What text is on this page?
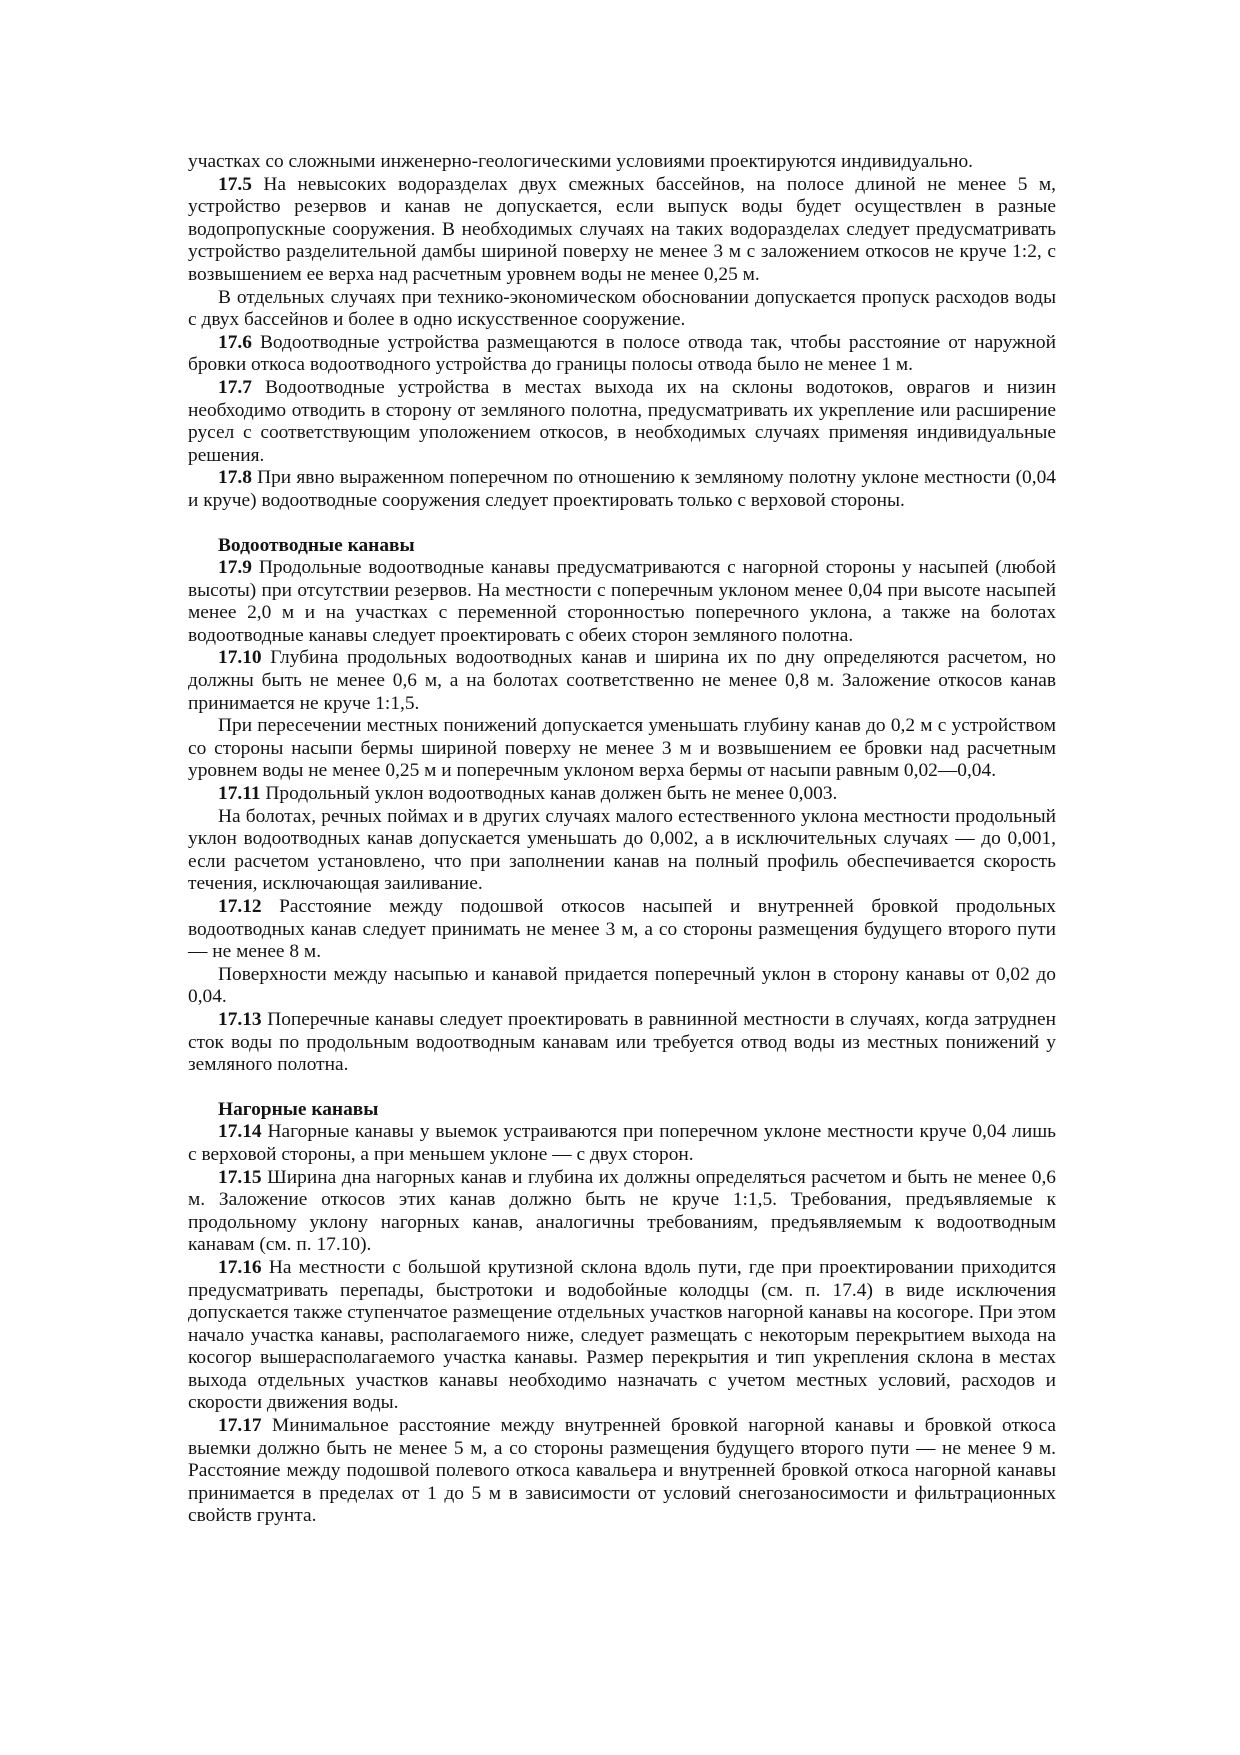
участках со сложными инженерно-геологическими условиями проектируются индивидуально.

17.5 На невысоких водоразделах двух смежных бассейнов, на полосе длиной не менее 5 м, устройство резервов и канав не допускается, если выпуск воды будет осуществлен в разные водопропускные сооружения. В необходимых случаях на таких водоразделах следует предусматривать устройство разделительной дамбы шириной поверху не менее 3 м с заложением откосов не круче 1:2, с возвышением ее верха над расчетным уровнем воды не менее 0,25 м.

В отдельных случаях при технико-экономическом обосновании допускается пропуск расходов воды с двух бассейнов и более в одно искусственное сооружение.

17.6 Водоотводные устройства размещаются в полосе отвода так, чтобы расстояние от наружной бровки откоса водоотводного устройства до границы полосы отвода было не менее 1 м.

17.7 Водоотводные устройства в местах выхода их на склоны водотоков, оврагов и низин необходимо отводить в сторону от земляного полотна, предусматривать их укрепление или расширение русел с соответствующим уположением откосов, в необходимых случаях применяя индивидуальные решения.

17.8 При явно выраженном поперечном по отношению к земляному полотну уклоне местности (0,04 и круче) водоотводные сооружения следует проектировать только с верховой стороны.

Водоотводные канавы

17.9 Продольные водоотводные канавы предусматриваются с нагорной стороны у насыпей (любой высоты) при отсутствии резервов. На местности с поперечным уклоном менее 0,04 при высоте насыпей менее 2,0 м и на участках с переменной сторонностью поперечного уклона, а также на болотах водоотводные канавы следует проектировать с обеих сторон земляного полотна.

17.10 Глубина продольных водоотводных канав и ширина их по дну определяются расчетом, но должны быть не менее 0,6 м, а на болотах соответственно не менее 0,8 м. Заложение откосов канав принимается не круче 1:1,5.

При пересечении местных понижений допускается уменьшать глубину канав до 0,2 м с устройством со стороны насыпи бермы шириной поверху не менее 3 м и возвышением ее бровки над расчетным уровнем воды не менее 0,25 м и поперечным уклоном верха бермы от насыпи равным 0,02—0,04.

17.11 Продольный уклон водоотводных канав должен быть не менее 0,003.

На болотах, речных поймах и в других случаях малого естественного уклона местности продольный уклон водоотводных канав допускается уменьшать до 0,002, а в исключительных случаях — до 0,001, если расчетом установлено, что при заполнении канав на полный профиль обеспечивается скорость течения, исключающая заиливание.

17.12 Расстояние между подошвой откосов насыпей и внутренней бровкой продольных водоотводных канав следует принимать не менее 3 м, а со стороны размещения будущего второго пути — не менее 8 м.

Поверхности между насыпью и канавой придается поперечный уклон в сторону канавы от 0,02 до 0,04.

17.13 Поперечные канавы следует проектировать в равнинной местности в случаях, когда затруднен сток воды по продольным водоотводным канавам или требуется отвод воды из местных понижений у земляного полотна.

Нагорные канавы

17.14 Нагорные канавы у выемок устраиваются при поперечном уклоне местности круче 0,04 лишь с верховой стороны, а при меньшем уклоне — с двух сторон.

17.15 Ширина дна нагорных канав и глубина их должны определяться расчетом и быть не менее 0,6 м. Заложение откосов этих канав должно быть не круче 1:1,5. Требования, предъявляемые к продольному уклону нагорных канав, аналогичны требованиям, предъявляемым к водоотводным канавам (см. п. 17.10).

17.16 На местности с большой крутизной склона вдоль пути, где при проектировании приходится предусматривать перепады, быстротоки и водобойные колодцы (см. п. 17.4) в виде исключения допускается также ступенчатое размещение отдельных участков нагорной канавы на косогоре. При этом начало участка канавы, располагаемого ниже, следует размещать с некоторым перекрытием выхода на косогор вышерасполагаемого участка канавы. Размер перекрытия и тип укрепления склона в местах выхода отдельных участков канавы необходимо назначать с учетом местных условий, расходов и скорости движения воды.

17.17 Минимальное расстояние между внутренней бровкой нагорной канавы и бровкой откоса выемки должно быть не менее 5 м, а со стороны размещения будущего второго пути — не менее 9 м. Расстояние между подошвой полевого откоса кавальера и внутренней бровкой откоса нагорной канавы принимается в пределах от 1 до 5 м в зависимости от условий снегозаносимости и фильтрационных свойств грунта.
